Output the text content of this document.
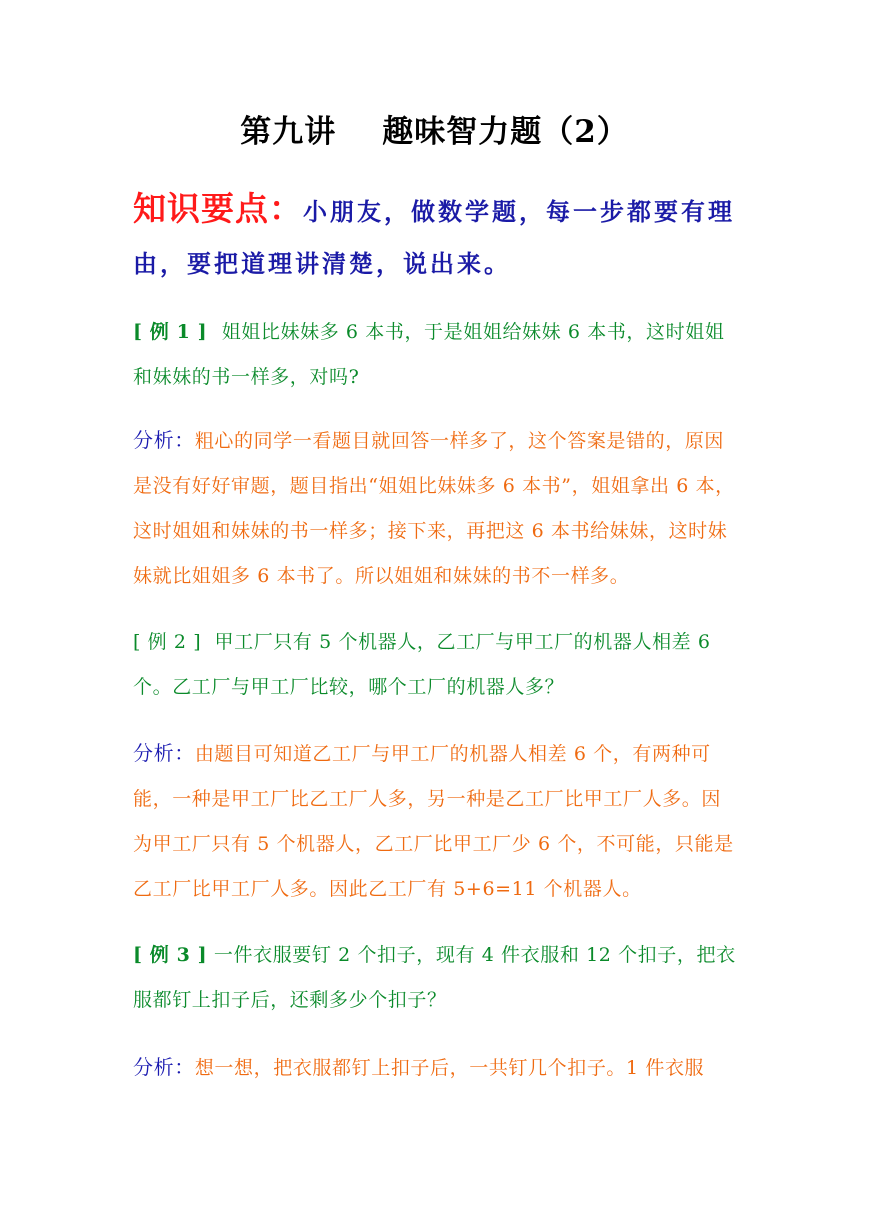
第九讲 趣味智力题（2）
知识要点：小朋友，做数学题，每一步都要有理由，要把道理讲清楚，说出来。
[ 例 1 ] 姐姐比妹妹多 6 本书，于是姐姐给妹妹 6 本书，这时姐姐和妹妹的书一样多，对吗?
分析：粗心的同学一看题目就回答一样多了，这个答案是错的，原因是没有好好审题，题目指出“姐姐比妹妹多 6 本书”，姐姐拿出 6 本，这时姐姐和妹妹的书一样多；接下来，再把这 6 本书给妹妹，这时妹妹就比姐姐多 6 本书了。所以姐姐和妹妹的书不一样多。
[ 例 2 ] 甲工厂只有 5 个机器人，乙工厂与甲工厂的机器人相差 6 个。乙工厂与甲工厂比较，哪个工厂的机器人多？
分析：由题目可知道乙工厂与甲工厂的机器人相差 6 个，有两种可能，一种是甲工厂比乙工厂人多，另一种是乙工厂比甲工厂人多。因为甲工厂只有 5 个机器人，乙工厂比甲工厂少 6 个，不可能，只能是乙工厂比甲工厂人多。因此乙工厂有 5+6=11 个机器人。
[ 例 3 ] 一件衣服要钉 2 个扣子，现有 4 件衣服和 12 个扣子，把衣服都钉上扣子后，还剩多少个扣子？
分析：想一想，把衣服都钉上扣子后，一共钉几个扣子。1 件衣服
